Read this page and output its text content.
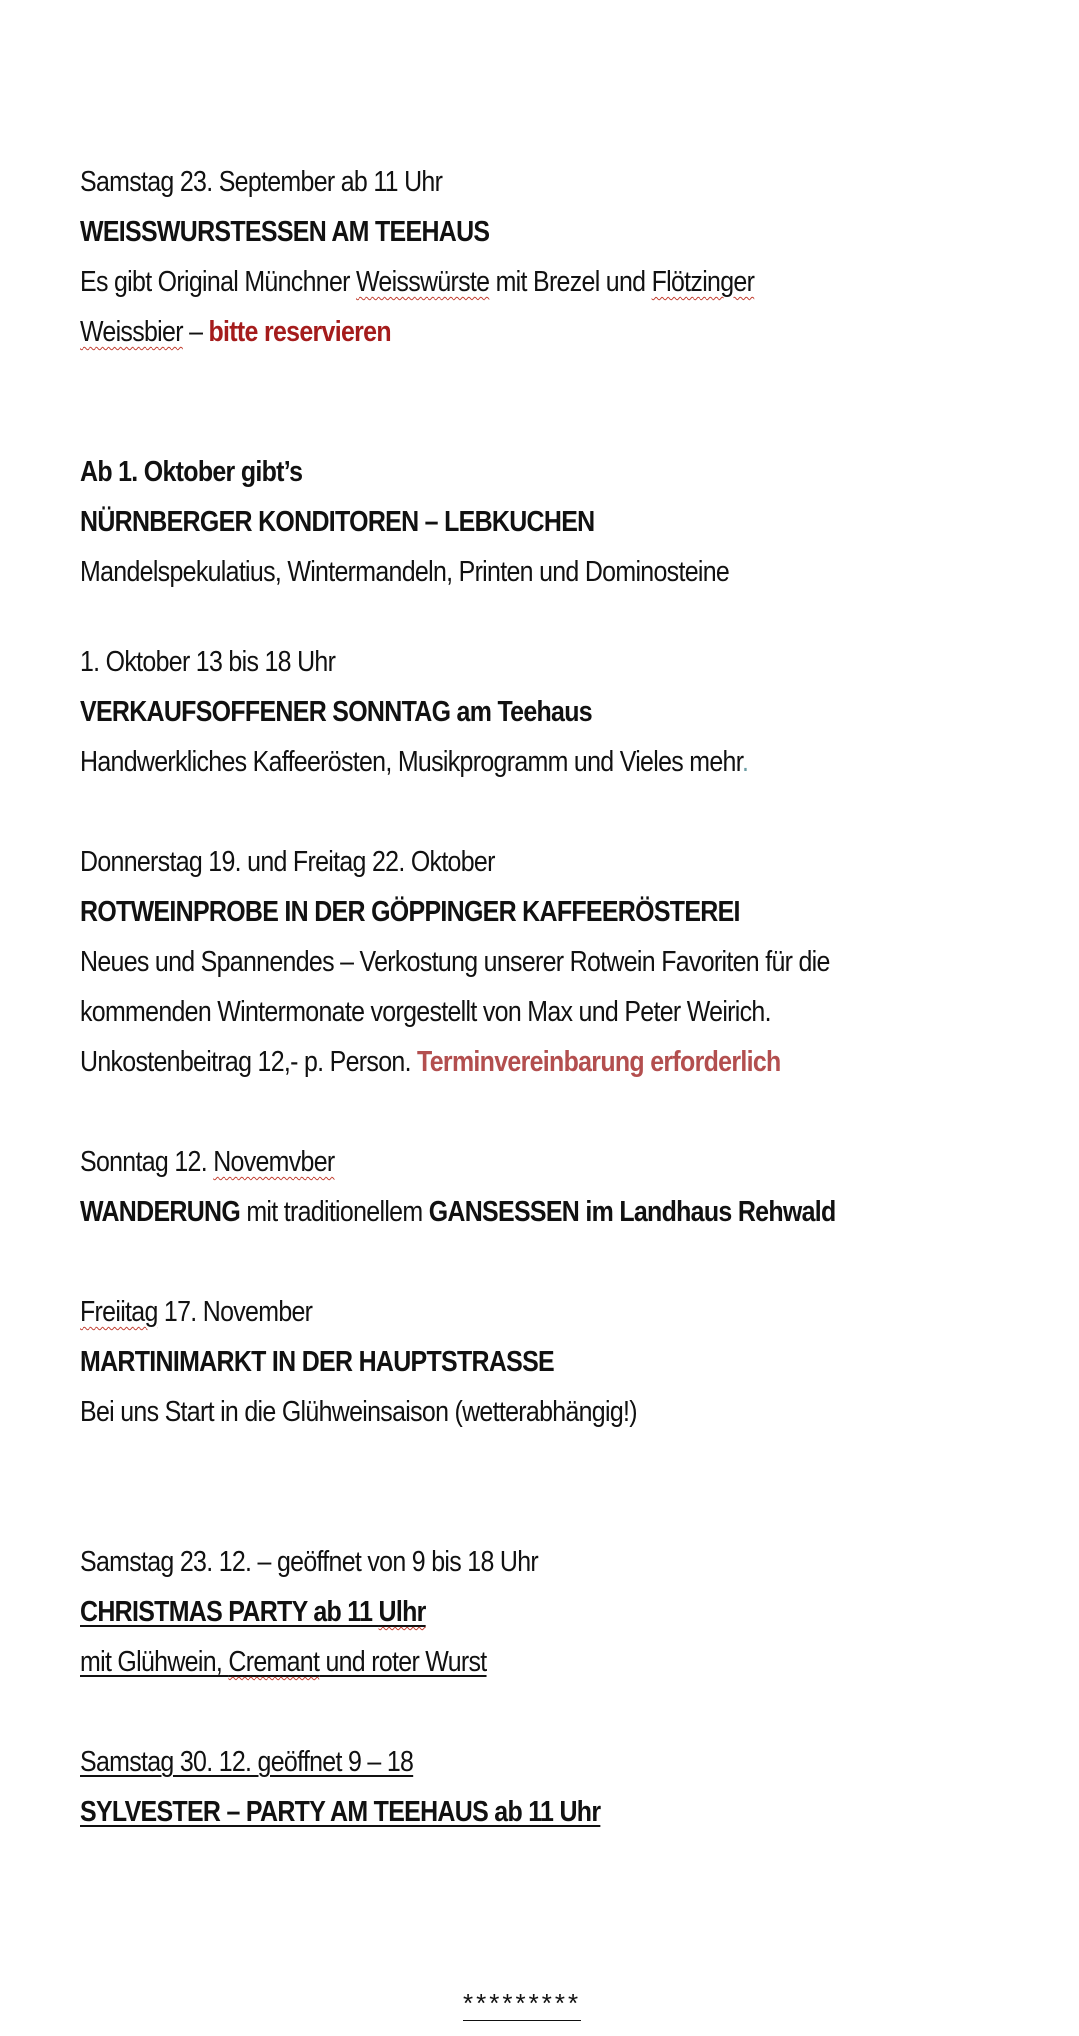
Samstag 23. September ab 11 Uhr

WEISSWURSTESSEN AM TEEHAUS

Es gibt Original Münchner Weisswürste mit Brezel und Flötzinger

Weissbier – bitte reservieren

Ab 1. Oktober gibt’s

NÜRNBERGER KONDITOREN – LEBKUCHEN

Mandelspekulatius, Wintermandeln, Printen und Dominosteine

1. Oktober 13 bis 18 Uhr

VERKAUFSOFFENER SONNTAG am Teehaus

Handwerkliches Kaffeerösten, Musikprogramm und Vieles mehr.

Donnerstag 19. und Freitag 22. Oktober

ROTWEINPROBE IN DER GÖPPINGER KAFFEERÖSTEREI

Neues und Spannendes – Verkostung unserer Rotwein Favoriten für die

kommenden Wintermonate vorgestellt von Max und Peter Weirich.

Unkostenbeitrag 12,- p. Person. Terminvereinbarung erforderlich

Sonntag 12. Novemvber

WANDERUNG mit traditionellem GANSESSEN im Landhaus Rehwald

Freiitag 17. November

MARTINIMARKT IN DER HAUPTSTRASSE

Bei uns Start in die Glühweinsaison (wetterabhängig!)

Samstag 23. 12. – geöffnet von 9 bis 18 Uhr

CHRISTMAS PARTY ab 11 Ulhr

mit Glühwein, Cremant und roter Wurst

Samstag 30. 12. geöffnet 9 – 18

SYLVESTER – PARTY AM TEEHAUS ab 11 Uhr

*********
